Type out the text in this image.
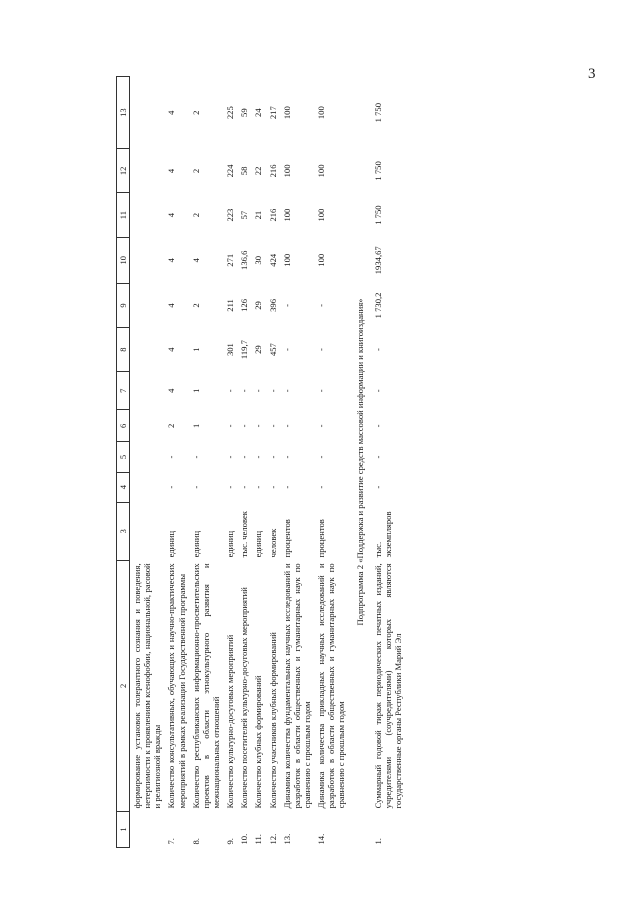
3
1	2	3	4	5	6	7	8	9	10	11	12	13
	формирование установок толерантного сознания и поведения, нетерпимости к проявлениям ксенофобии, национальной, расовой и религиозной вражды											
7.	Количество консультативных, обучающих и научно-практических мероприятий в рамках реализации Государственной программы	единиц	-	-	2	4	4	4	4	4	4	4
8.	Количество республиканских информационно-просветительских проектов в области этнокультурного развития и межнациональных отношений	единиц	-	-	1	1	1	2	4	2	2	2
9.	Количество культурно-досуговых мероприятий	единиц	-	-	-	-	301	211	271	223	224	225
10.	Количество посетителей культурно-досуговых мероприятий	тыс. человек	-	-	-	-	119,7	126	136,6	57	58	59
11.	Количество клубных формирований	единиц	-	-	-	-	29	29	30	21	22	24
12.	Количество участников клубных формирований	человек	-	-	-	-	457	396	424	216	216	217
13.	Динамика количества фундаментальных научных исследований и разработок в области общественных и гуманитарных наук по сравнению с прошлым годом	процентов	-	-	-	-	-	-	100	100	100	100
14.	Динамика количества прикладных научных исследований и разработок в области общественных и гуманитарных наук по сравнению с прошлым годом	процентов	-	-	-	-	-	-	100	100	100	100
Подпрограмма 2 «Поддержка и развитие средств массовой информации и книгоиздания»												
1.	Суммарный годовой тираж периодических печатных изданий, учредителями (соучредителями) которых являются государственные органы Республики Марий Эл	тыс. экземпляров	-	-	-	-	-	1 730,2	1934,67	1 750	1 750	1 750
